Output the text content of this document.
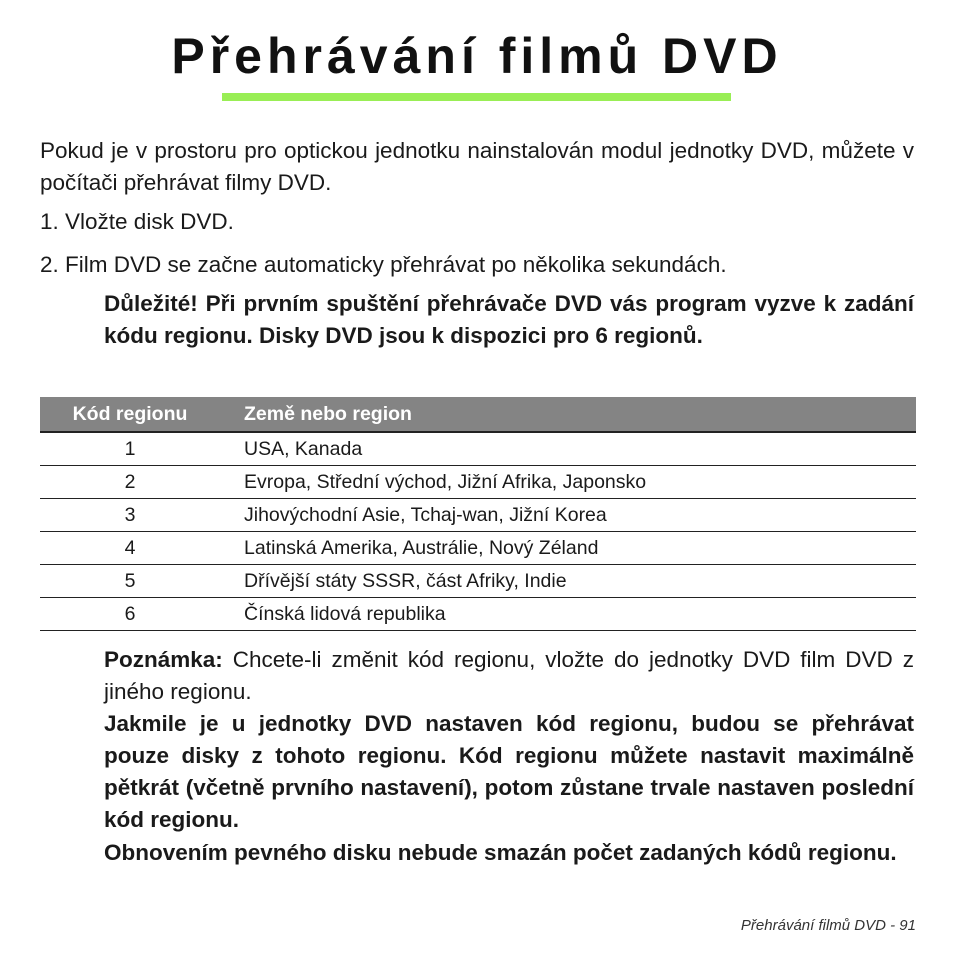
Přehrávání filmů DVD

Pokud je v prostoru pro optickou jednotku nainstalován modul jednotky DVD, můžete v počítači přehrávat filmy DVD.

1. Vložte disk DVD.

2. Film DVD se začne automaticky přehrávat po několika sekundách.

Důležité! Při prvním spuštění přehrávače DVD vás program vyzve k zadání kódu regionu. Disky DVD jsou k dispozici pro 6 regionů.

Kód regionu	Země nebo region
1	USA, Kanada
2	Evropa, Střední východ, Jižní Afrika, Japonsko
3	Jihovýchodní Asie, Tchaj-wan, Jižní Korea
4	Latinská Amerika, Austrálie, Nový Zéland
5	Dřívější státy SSSR, část Afriky, Indie
6	Čínská lidová republika

Poznámka: Chcete-li změnit kód regionu, vložte do jednotky DVD film DVD z jiného regionu.

Jakmile je u jednotky DVD nastaven kód regionu, budou se přehrávat pouze disky z tohoto regionu. Kód regionu můžete nastavit maximálně pětkrát (včetně prvního nastavení), potom zůstane trvale nastaven poslední kód regionu.

Obnovením pevného disku nebude smazán počet zadaných kódů regionu.

Přehrávání filmů DVD - 91
